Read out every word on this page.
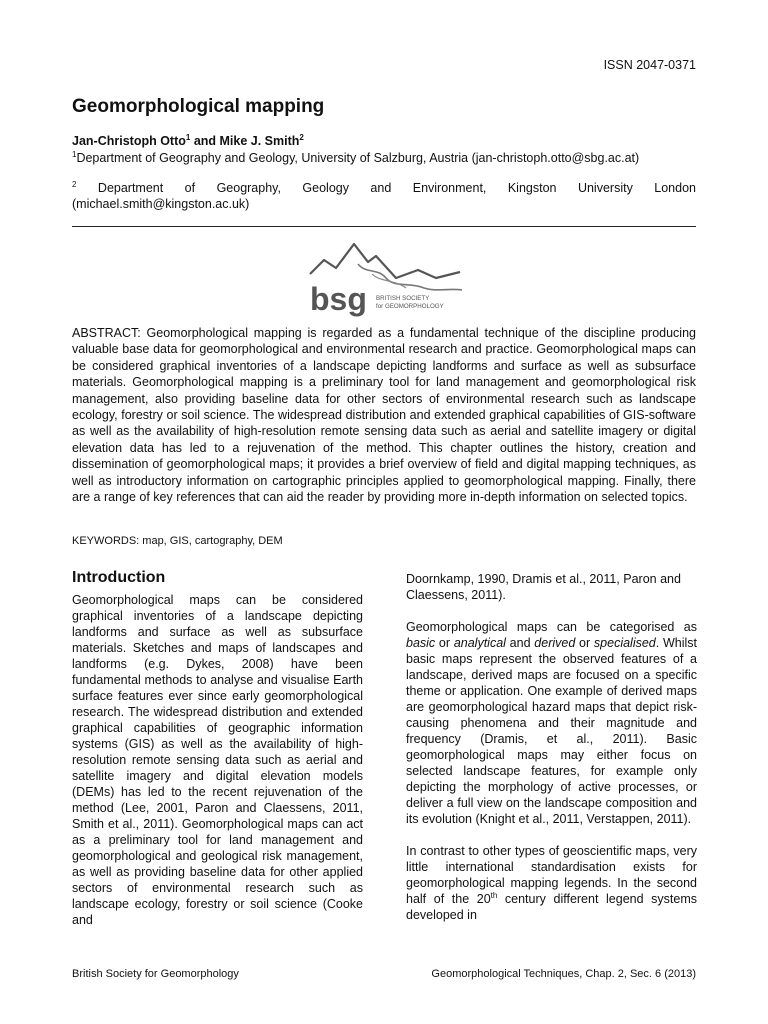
ISSN 2047-0371
Geomorphological mapping
Jan-Christoph Otto$^1$ and Mike J. Smith$^2$
$^1$Department of Geography and Geology, University of Salzburg, Austria (jan-christoph.otto@sbg.ac.at)
$^2$ Department of Geography, Geology and Environment, Kingston University London (michael.smith@kingston.ac.uk)
bsg BRITISH SOCIETY
for GEOMORPHOLOGY

ABSTRACT: Geomorphological mapping is regarded as a fundamental technique of the discipline producing valuable base data for geomorphological and environmental research and practice. Geomorphological maps can be considered graphical inventories of a landscape depicting landforms and surface as well as subsurface materials. Geomorphological mapping is a preliminary tool for land management and geomorphological risk management, also providing baseline data for other sectors of environmental research such as landscape ecology, forestry or soil science. The widespread distribution and extended graphical capabilities of GIS-software as well as the availability of high-resolution remote sensing data such as aerial and satellite imagery or digital elevation data has led to a rejuvenation of the method. This chapter outlines the history, creation and dissemination of geomorphological maps; it provides a brief overview of field and digital mapping techniques, as well as introductory information on cartographic principles applied to geomorphological mapping. Finally, there are a range of key references that can aid the reader by providing more in-depth information on selected topics.

KEYWORDS: map, GIS, cartography, DEM
Introduction

Geomorphological maps can be considered graphical inventories of a landscape depicting landforms and surface as well as subsurface materials. Sketches and maps of landscapes and landforms (e.g. Dykes, 2008) have been fundamental methods to analyse and visualise Earth surface features ever since early geomorphological research. The widespread distribution and extended graphical capabilities of geographic information systems (GIS) as well as the availability of high-resolution remote sensing data such as aerial and satellite imagery and digital elevation models (DEMs) has led to the recent rejuvenation of the method (Lee, 2001, Paron and Claessens, 2011, Smith et al., 2011). Geomorphological maps can act as a preliminary tool for land management and geomorphological and geological risk management, as well as providing baseline data for other applied sectors of environmental research such as landscape ecology, forestry or soil science (Cooke and

Doornkamp, 1990, Dramis et al., 2011, Paron and Claessens, 2011).

Geomorphological maps can be categorised as basic or analytical and derived or specialised. Whilst basic maps represent the observed features of a landscape, derived maps are focused on a specific theme or application. One example of derived maps are geomorphological hazard maps that depict risk-causing phenomena and their magnitude and frequency (Dramis, et al., 2011). Basic geomorphological maps may either focus on selected landscape features, for example only depicting the morphology of active processes, or deliver a full view on the landscape composition and its evolution (Knight et al., 2011, Verstappen, 2011).

In contrast to other types of geoscientific maps, very little international standardisation exists for geomorphological mapping legends. In the second half of the 20th century different legend systems developed in

British Society for Geomorphology	Geomorphological Techniques, Chap. 2, Sec. 6 (2013)
